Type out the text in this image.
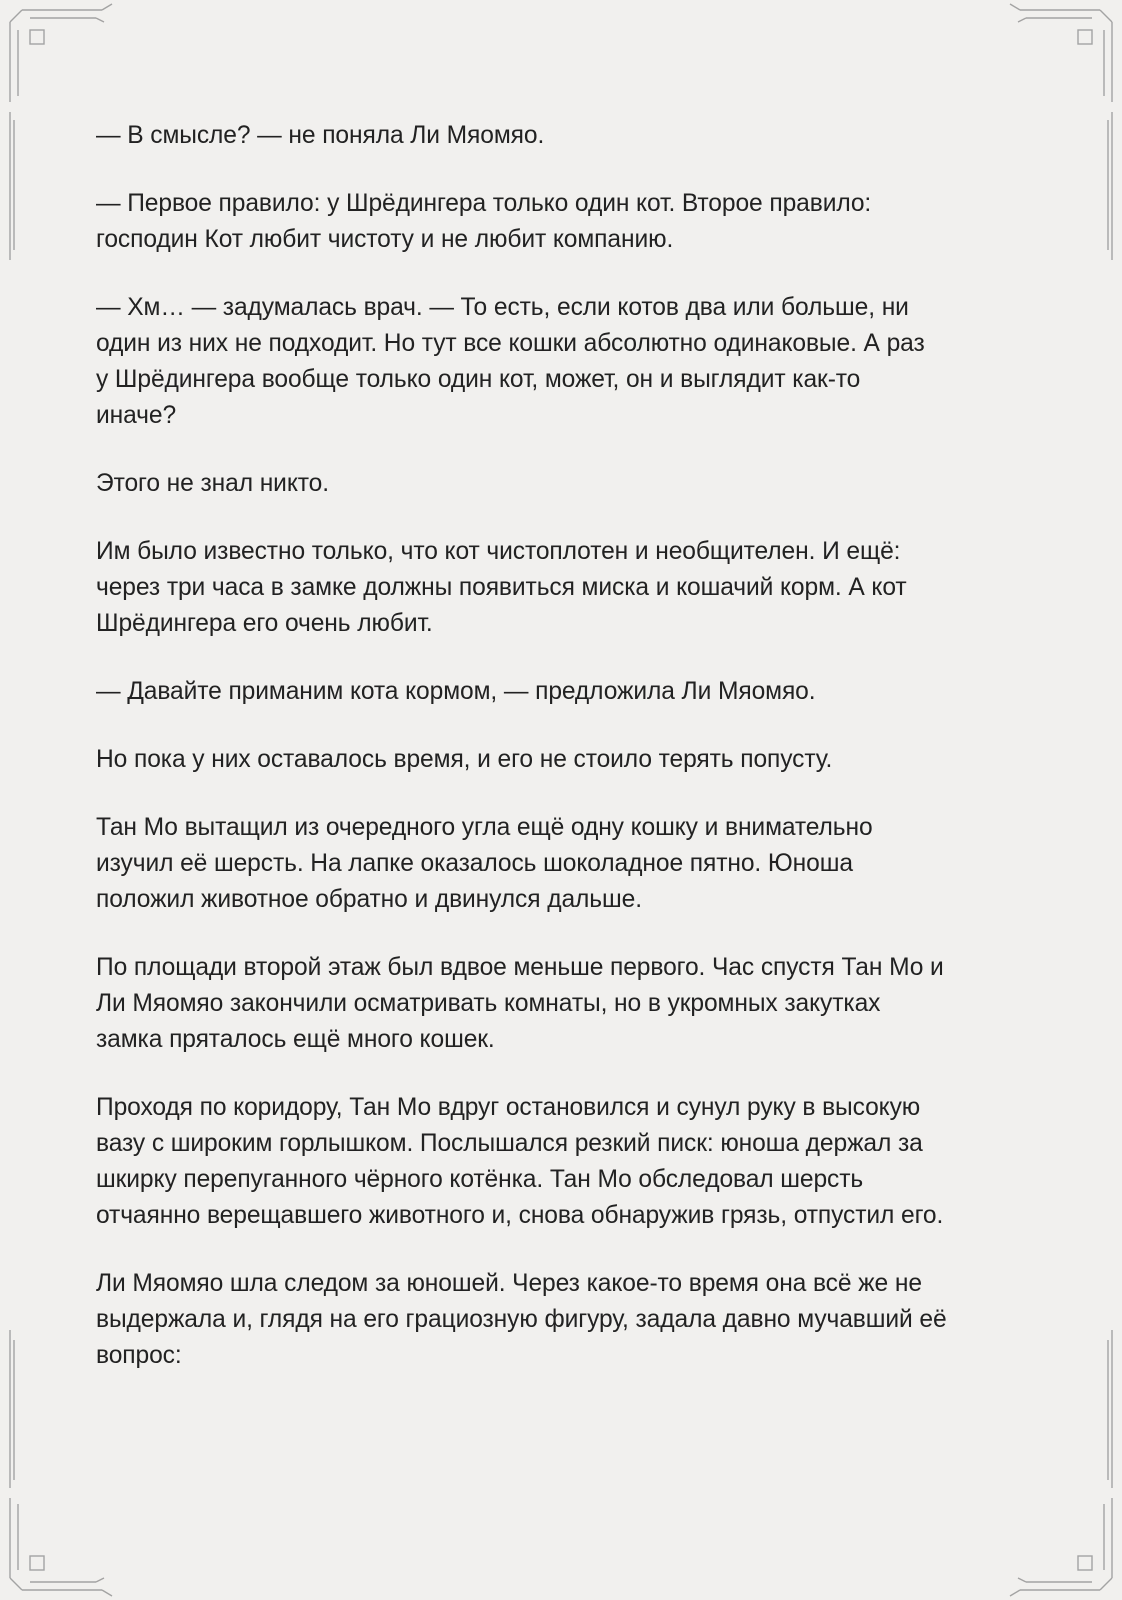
— В смысле? — не поняла Ли Мяомяо.

— Первое правило: у Шрёдингера только один кот. Второе правило:
господин Кот любит чистоту и не любит компанию.

— Хм… — задумалась врач. — То есть, если котов два или больше, ни
один из них не подходит. Но тут все кошки абсолютно одинаковые. А раз
у Шрёдингера вообще только один кот, может, он и выглядит как-то
иначе?

Этого не знал никто.

Им было известно только, что кот чистоплотен и необщителен. И ещё:
через три часа в замке должны появиться миска и кошачий корм. А кот
Шрёдингера его очень любит.

— Давайте приманим кота кормом, — предложила Ли Мяомяо.

Но пока у них оставалось время, и его не стоило терять попусту.

Тан Мо вытащил из очередного угла ещё одну кошку и внимательно
изучил её шерсть. На лапке оказалось шоколадное пятно. Юноша
положил животное обратно и двинулся дальше.

По площади второй этаж был вдвое меньше первого. Час спустя Тан Мо и
Ли Мяомяо закончили осматривать комнаты, но в укромных закутках
замка пряталось ещё много кошек.

Проходя по коридору, Тан Мо вдруг остановился и сунул руку в высокую
вазу с широким горлышком. Послышался резкий писк: юноша держал за
шкирку перепуганного чёрного котёнка. Тан Мо обследовал шерсть
отчаянно верещавшего животного и, снова обнаружив грязь, отпустил его.

Ли Мяомяо шла следом за юношей. Через какое-то время она всё же не
выдержала и, глядя на его грациозную фигуру, задала давно мучавший её
вопрос:
